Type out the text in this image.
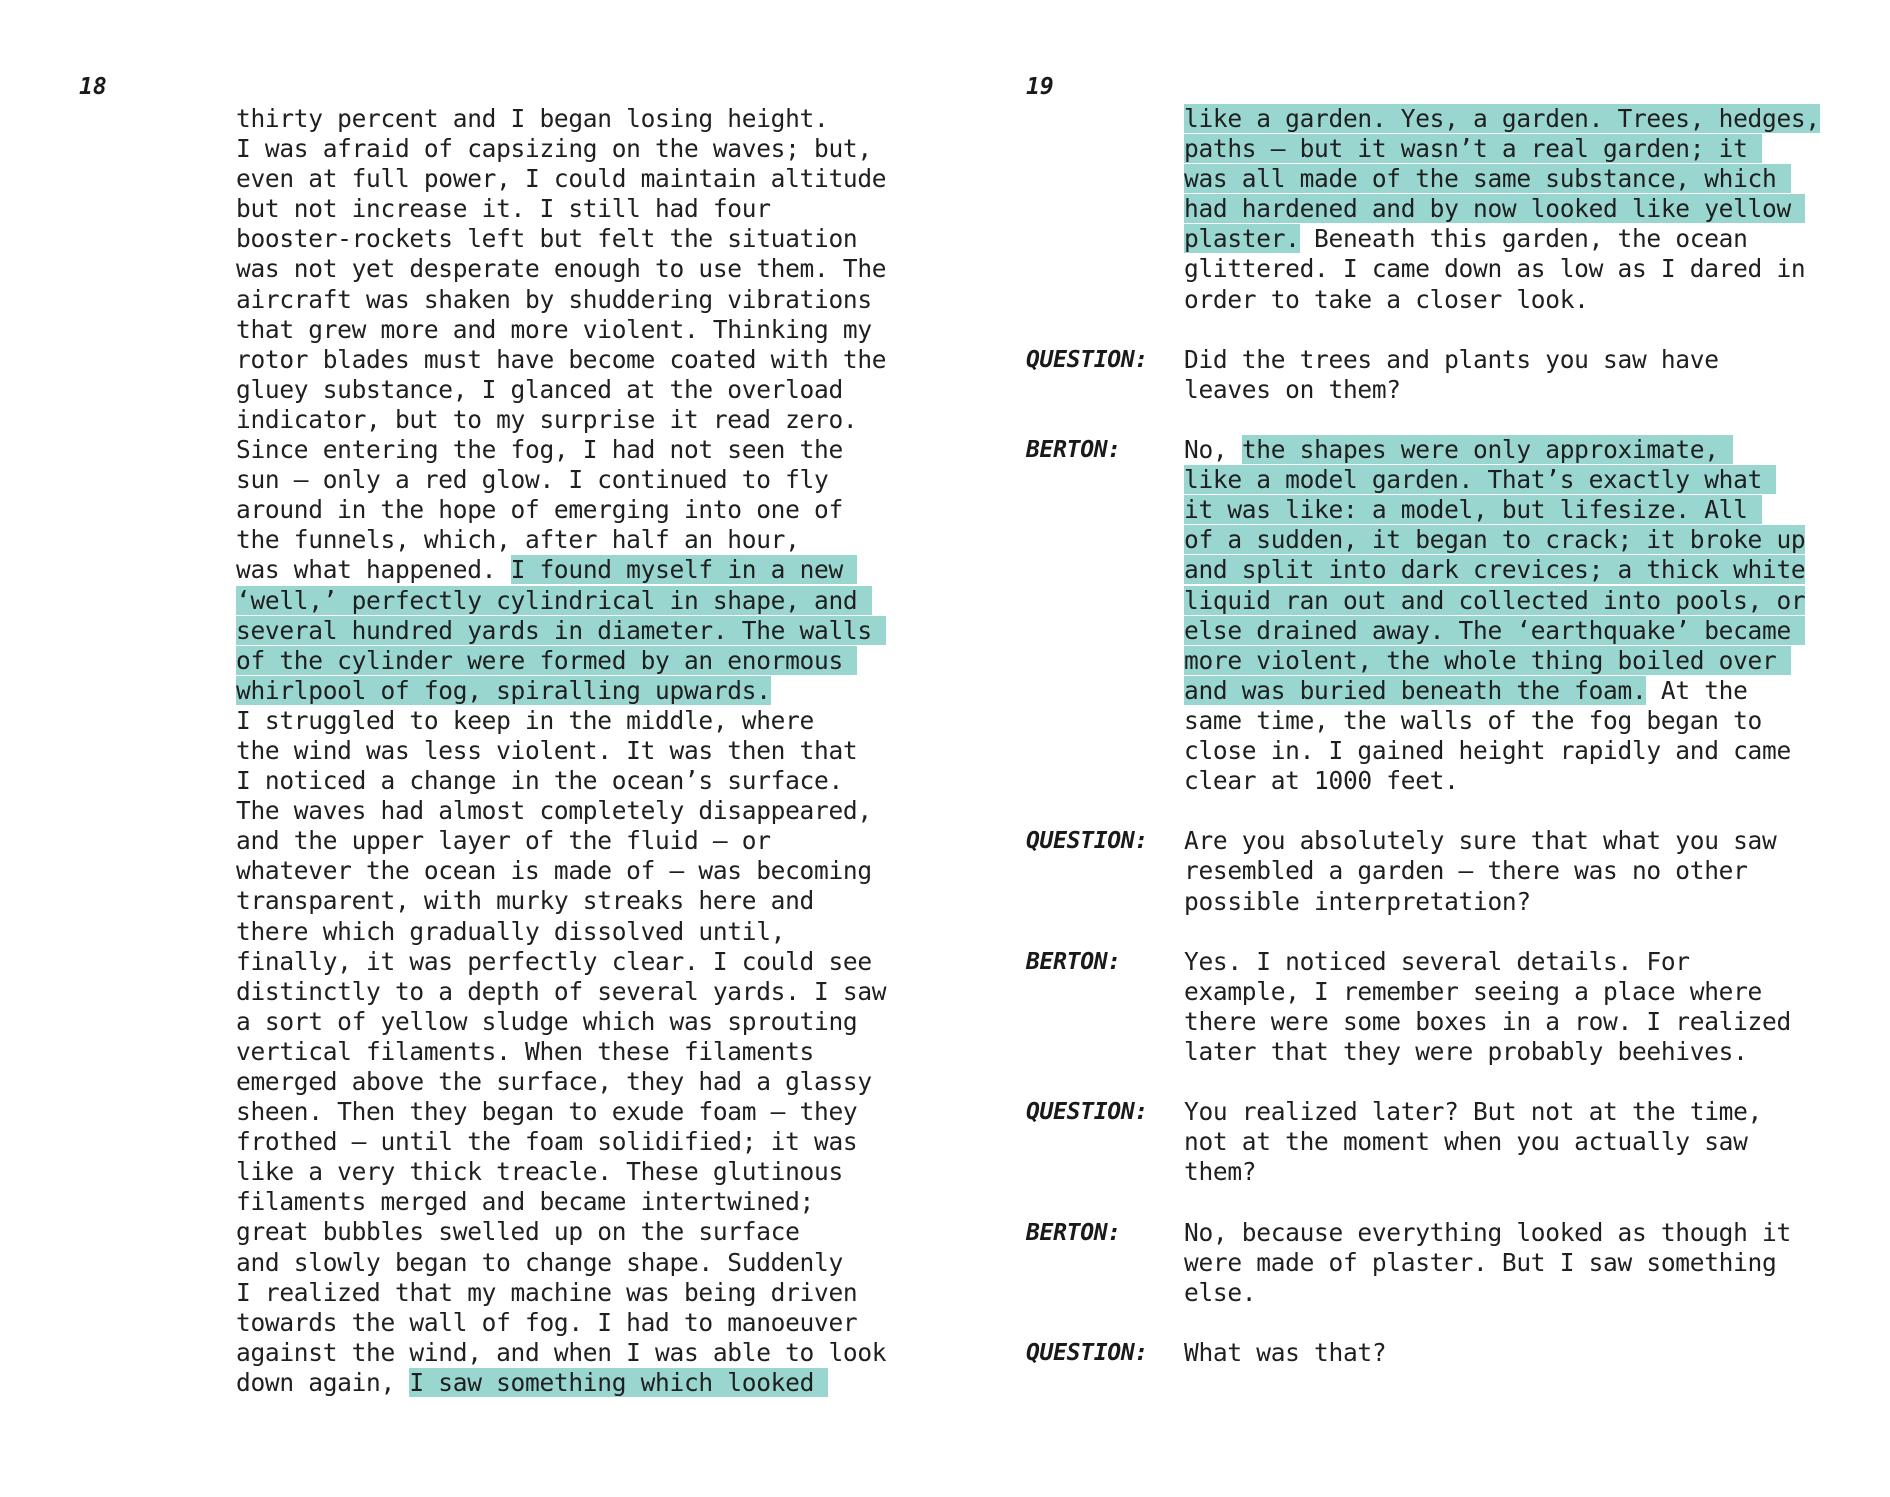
18	19
thirty percent and I began losing height.
I was afraid of capsizing on the waves; but,
even at full power, I could maintain altitude
but not increase it. I still had four
booster-rockets left but felt the situation
was not yet desperate enough to use them. The
aircraft was shaken by shuddering vibrations
that grew more and more violent. Thinking my
rotor blades must have become coated with the
gluey substance, I glanced at the overload
indicator, but to my surprise it read zero.
Since entering the fog, I had not seen the
sun — only a red glow. I continued to fly
around in the hope of emerging into one of
the funnels, which, after half an hour,
was what happened. I found myself in a new
‘well,’ perfectly cylindrical in shape, and
several hundred yards in diameter. The walls
of the cylinder were formed by an enormous
whirlpool of fog, spiralling upwards.
I struggled to keep in the middle, where
the wind was less violent. It was then that
I noticed a change in the ocean’s surface.
The waves had almost completely disappeared,
and the upper layer of the fluid — or
whatever the ocean is made of — was becoming
transparent, with murky streaks here and
there which gradually dissolved until,
finally, it was perfectly clear. I could see
distinctly to a depth of several yards. I saw
a sort of yellow sludge which was sprouting
vertical filaments. When these filaments
emerged above the surface, they had a glassy
sheen. Then they began to exude foam — they
frothed — until the foam solidified; it was
like a very thick treacle. These glutinous
filaments merged and became intertwined;
great bubbles swelled up on the surface
and slowly began to change shape. Suddenly
I realized that my machine was being driven
towards the wall of fog. I had to manoeuver
against the wind, and when I was able to look
down again, I saw something which looked
like a garden. Yes, a garden. Trees, hedges,
paths — but it wasn’t a real garden; it
was all made of the same substance, which
had hardened and by now looked like yellow
plaster. Beneath this garden, the ocean
glittered. I came down as low as I dared in
order to take a closer look.
QUESTION: Did the trees and plants you saw have
leaves on them?
BERTON:	No, the shapes were only approximate,
like a model garden. That’s exactly what
it was like: a model, but lifesize. All
of a sudden, it began to crack; it broke up
and split into dark crevices; a thick white
liquid ran out and collected into pools, or
else drained away. The ‘earthquake’ became
more violent, the whole thing boiled over
and was buried beneath the foam. At the
same time, the walls of the fog began to
close in. I gained height rapidly and came
clear at 1000 feet.
QUESTION: Are you absolutely sure that what you saw
resembled a garden — there was no other
possible interpretation?
BERTON:	Yes. I noticed several details. For
example, I remember seeing a place where
there were some boxes in a row. I realized
later that they were probably beehives.
QUESTION: You realized later? But not at the time,
not at the moment when you actually saw
them?
BERTON:	No, because everything looked as though it
were made of plaster. But I saw something
else.
QUESTION: What was that?
